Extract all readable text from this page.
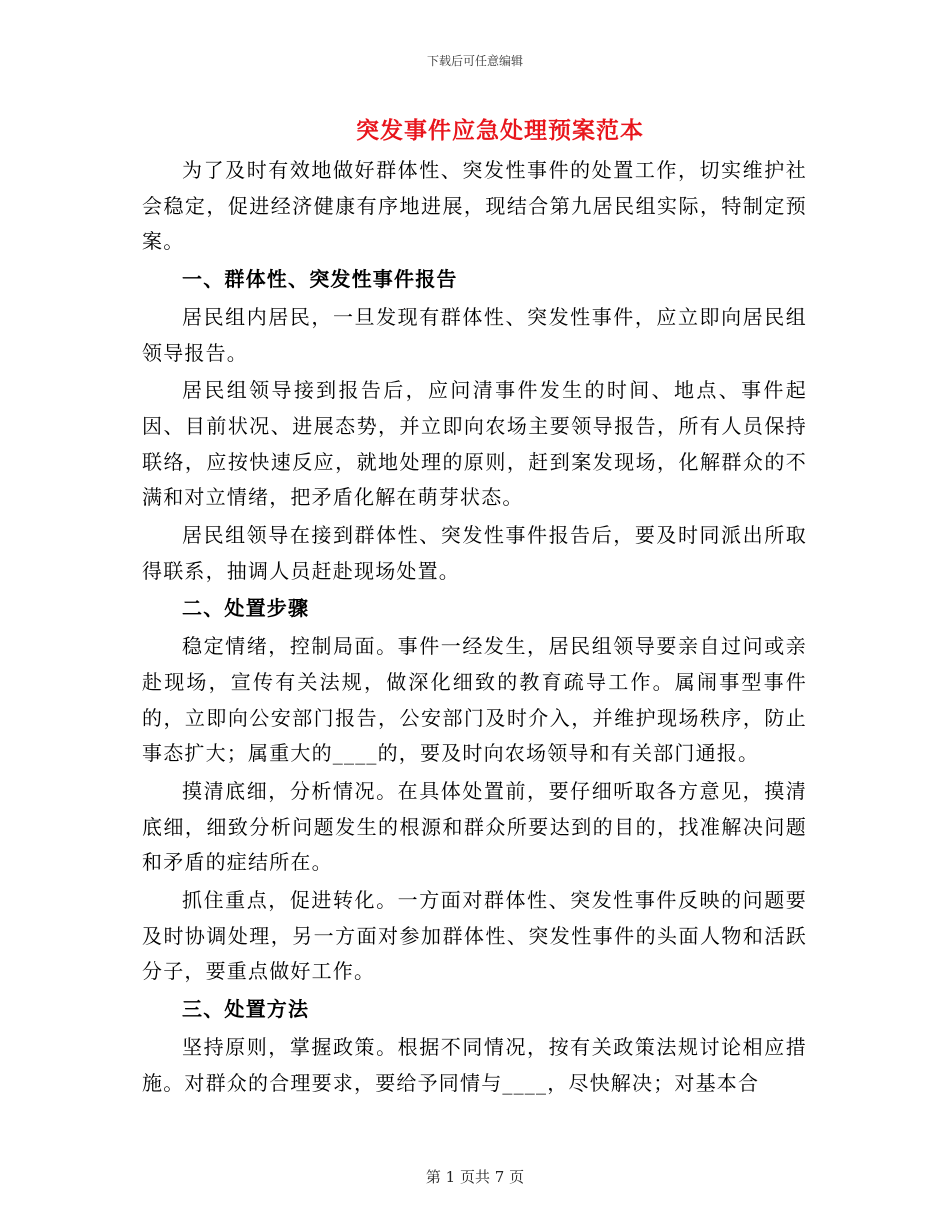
下载后可任意编辑
突发事件应急处理预案范本

为了及时有效地做好群体性、突发性事件的处置工作，切实维护社会稳定，促进经济健康有序地进展，现结合第九居民组实际，特制定预案。

一、群体性、突发性事件报告

居民组内居民，一旦发现有群体性、突发性事件，应立即向居民组领导报告。

居民组领导接到报告后，应问清事件发生的时间、地点、事件起因、目前状况、进展态势，并立即向农场主要领导报告，所有人员保持联络，应按快速反应，就地处理的原则，赶到案发现场，化解群众的不满和对立情绪，把矛盾化解在萌芽状态。

居民组领导在接到群体性、突发性事件报告后，要及时同派出所取得联系，抽调人员赶赴现场处置。

二、处置步骤

稳定情绪，控制局面。事件一经发生，居民组领导要亲自过问或亲赴现场，宣传有关法规，做深化细致的教育疏导工作。属闹事型事件的，立即向公安部门报告，公安部门及时介入，并维护现场秩序，防止事态扩大；属重大的____的，要及时向农场领导和有关部门通报。

摸清底细，分析情况。在具体处置前，要仔细听取各方意见，摸清底细，细致分析问题发生的根源和群众所要达到的目的，找准解决问题和矛盾的症结所在。

抓住重点，促进转化。一方面对群体性、突发性事件反映的问题要及时协调处理，另一方面对参加群体性、突发性事件的头面人物和活跃分子，要重点做好工作。

三、处置方法

坚持原则，掌握政策。根据不同情况，按有关政策法规讨论相应措施。对群众的合理要求，要给予同情与____，尽快解决；对基本合

第 1 页共 7 页
